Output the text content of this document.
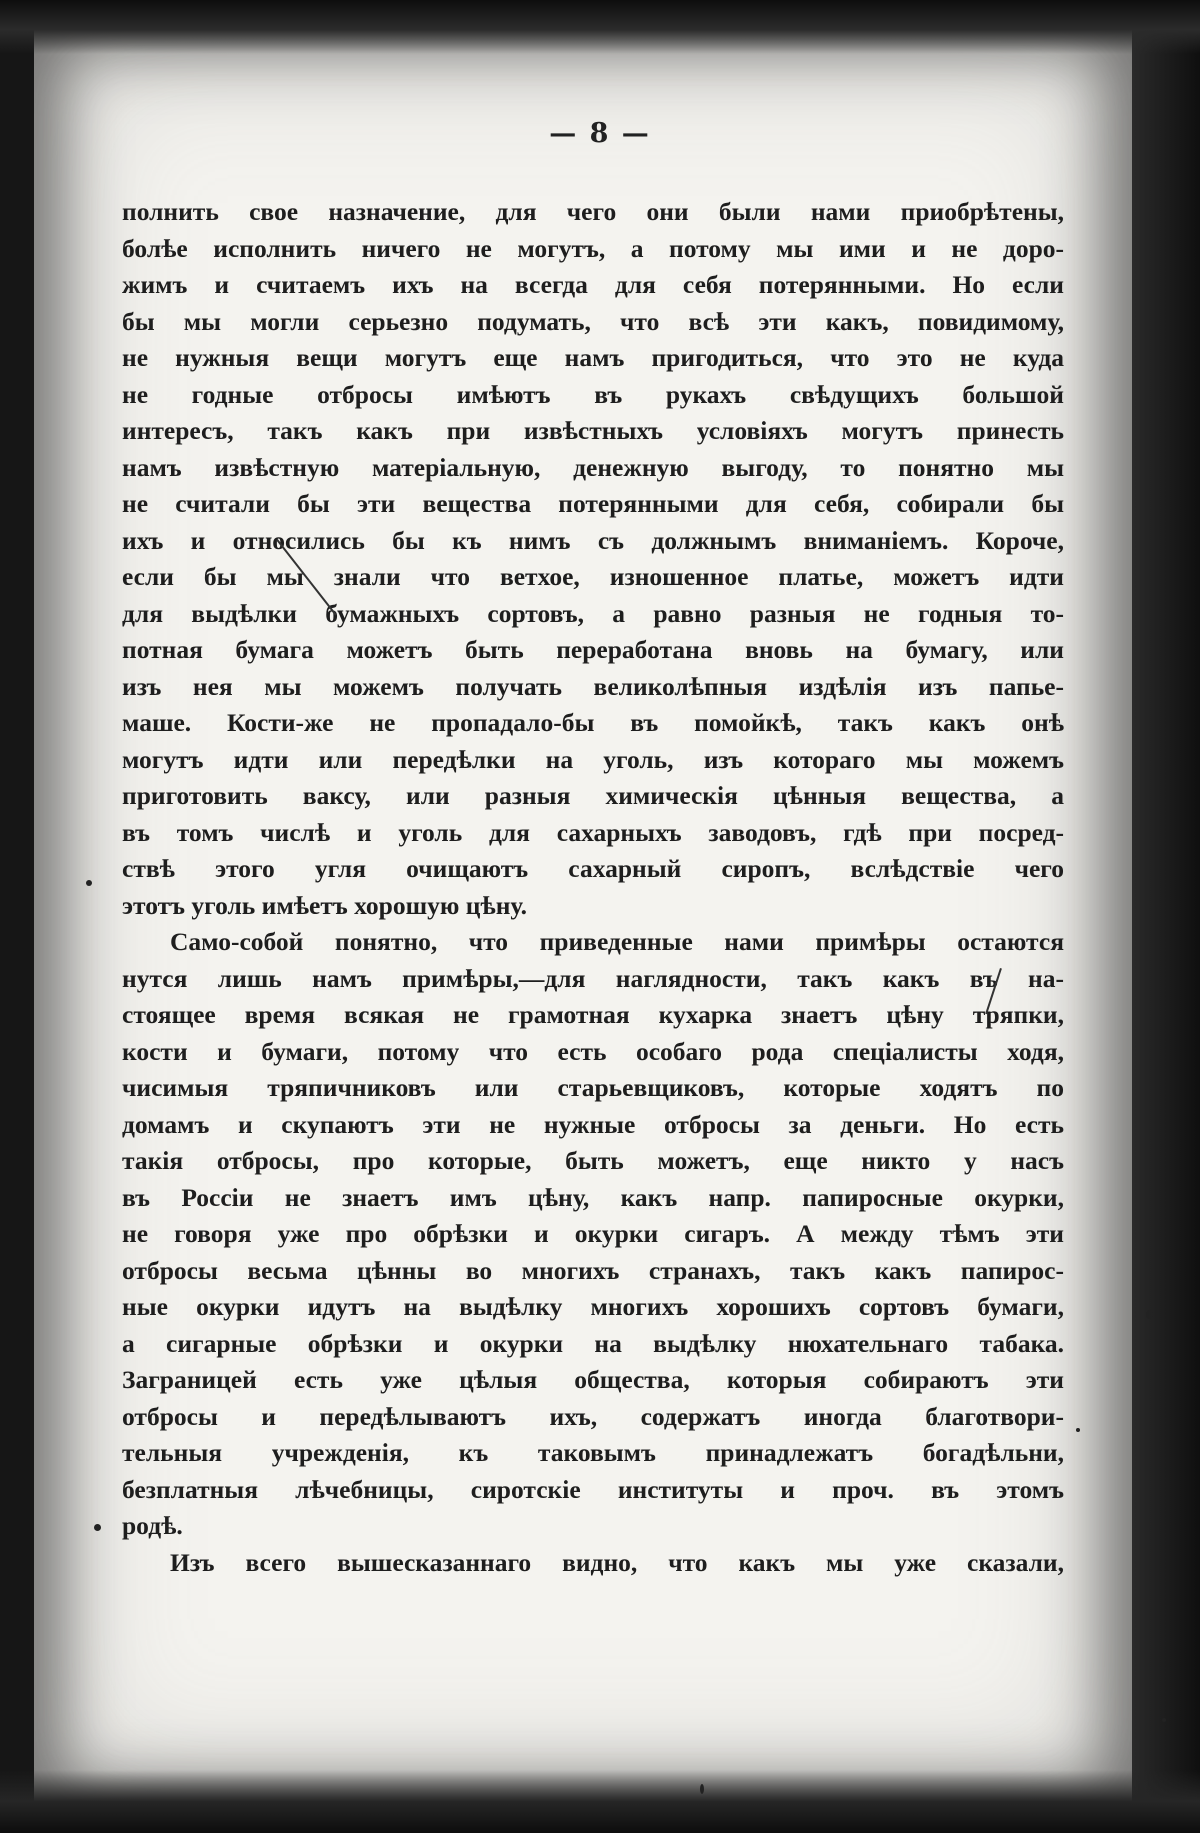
— 8 —
полнить свое назначение, для чего они были нами приобрѣтены,
болѣе исполнить ничего не могутъ, а потому мы ими и не доро-
жимъ и считаемъ ихъ на всегда для себя потерянными. Но если
бы мы могли серьезно подумать, что всѣ эти какъ, повидимому,
не нужныя вещи могутъ еще намъ пригодиться, что это не куда
не годные отбросы имѣютъ въ рукахъ свѣдущихъ большой
интересъ, такъ какъ при извѣстныхъ условіяхъ могутъ принесть
намъ извѣстную матеріальную, денежную выгоду, то понятно мы
не считали бы эти вещества потерянными для себя, собирали бы
ихъ и относились бы къ нимъ съ должнымъ вниманіемъ. Короче,
если бы мы знали что ветхое, изношенное платье, можетъ идти
для выдѣлки бумажныхъ сортовъ, а равно разныя не годныя то-
потная бумага можетъ быть переработана вновь на бумагу, или
изъ нея мы можемъ получать великолѣпныя издѣлія изъ папье-
маше. Кости-же не пропадало-бы въ помойкѣ, такъ какъ онѣ
могутъ идти или передѣлки на уголь, изъ котораго мы можемъ
приготовить ваксу, или разныя химическія цѣнныя вещества, а
въ томъ числѣ и уголь для сахарныхъ заводовъ, гдѣ при посред-
ствѣ этого угля очищаютъ сахарный сиропъ, вслѣдствіе чего
этотъ уголь имѣетъ хорошую цѣну.
Само-собой понятно, что приведенные нами примѣры остаются
нутся лишь намъ примѣры,—для наглядности, такъ какъ въ на-
стоящее время всякая не грамотная кухарка знаетъ цѣну тряпки,
кости и бумаги, потому что есть особаго рода спеціалисты ходя,
чисимыя тряпичниковъ или старьевщиковъ, которые ходятъ по
домамъ и скупаютъ эти не нужные отбросы за деньги. Но есть
такія отбросы, про которые, быть можетъ, еще никто у насъ
въ Россіи не знаетъ имъ цѣну, какъ напр. папиросные окурки,
не говоря уже про обрѣзки и окурки сигаръ. А между тѣмъ эти
отбросы весьма цѣнны во многихъ странахъ, такъ какъ папирос-
ные окурки идутъ на выдѣлку многихъ хорошихъ сортовъ бумаги,
а сигарные обрѣзки и окурки на выдѣлку нюхательнаго табака.
Заграницей есть уже цѣлыя общества, которыя собираютъ эти
отбросы и передѣлываютъ ихъ, содержатъ иногда благотвори-
тельныя учрежденія, къ таковымъ принадлежатъ богадѣльни,
безплатныя лѣчебницы, сиротскіе институты и проч. въ этомъ
родѣ.
Изъ всего вышесказаннаго видно, что какъ мы уже сказали,
